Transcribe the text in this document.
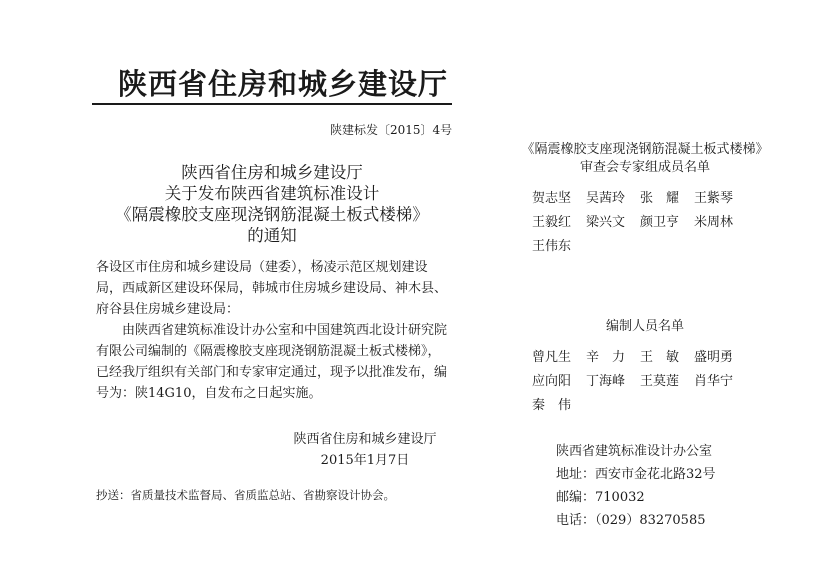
陕西省住房和城乡建设厅
陕建标发〔2015〕4号
陕西省住房和城乡建设厅
关于发布陕西省建筑标准设计
《隔震橡胶支座现浇钢筋混凝土板式楼梯》
的通知
各设区市住房和城乡建设局（建委），杨凌示范区规划建设局，西咸新区建设环保局，韩城市住房城乡建设局、神木县、府谷县住房城乡建设局：
由陕西省建筑标准设计办公室和中国建筑西北设计研究院有限公司编制的《隔震橡胶支座现浇钢筋混凝土板式楼梯》，已经我厅组织有关部门和专家审定通过，现予以批准发布，编号为：陕14G10，自发布之日起实施。
陕西省住房和城乡建设厅
2015年1月7日
抄送：省质量技术监督局、省质监总站、省勘察设计协会。
《隔震橡胶支座现浇钢筋混凝土板式楼梯》
审查会专家组成员名单
贺志坚 吴茜玲 张　耀 王紫琴
王毅红 梁兴文 颜卫亨 米周林
王伟东
编制人员名单
曾凡生 辛　力 王　敏 盛明勇
应向阳 丁海峰 王莫莲 肖华宁
秦　伟
陕西省建筑标准设计办公室
地址：西安市金花北路32号
邮编：710032
电话：（029）83270585
